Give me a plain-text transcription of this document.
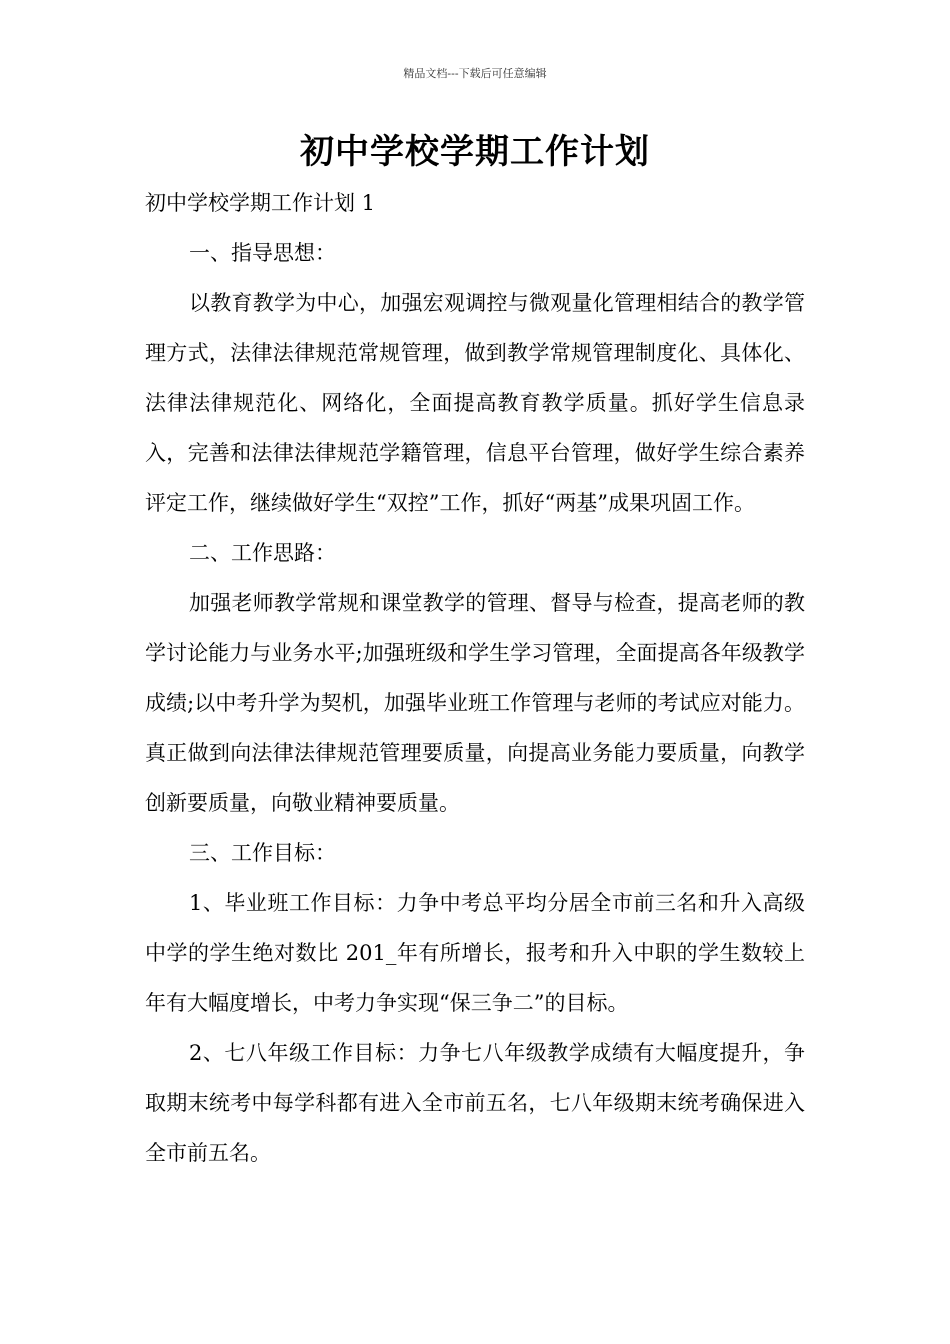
精品文档---下载后可任意编辑
初中学校学期工作计划

初中学校学期工作计划 1

一、指导思想：

以教育教学为中心，加强宏观调控与微观量化管理相结合的教学管理方式，法律法律规范常规管理，做到教学常规管理制度化、具体化、法律法律规范化、网络化，全面提高教育教学质量。抓好学生信息录入，完善和法律法律规范学籍管理，信息平台管理，做好学生综合素养评定工作，继续做好学生“双控”工作，抓好“两基”成果巩固工作。

二、工作思路：

加强老师教学常规和课堂教学的管理、督导与检查，提高老师的教学讨论能力与业务水平;加强班级和学生学习管理，全面提高各年级教学成绩;以中考升学为契机，加强毕业班工作管理与老师的考试应对能力。真正做到向法律法律规范管理要质量，向提高业务能力要质量，向教学创新要质量，向敬业精神要质量。

三、工作目标：

1、毕业班工作目标：力争中考总平均分居全市前三名和升入高级中学的学生绝对数比 201_年有所增长，报考和升入中职的学生数较上年有大幅度增长，中考力争实现“保三争二”的目标。

2、七八年级工作目标：力争七八年级教学成绩有大幅度提升，争取期末统考中每学科都有进入全市前五名，七八年级期末统考确保进入全市前五名。
